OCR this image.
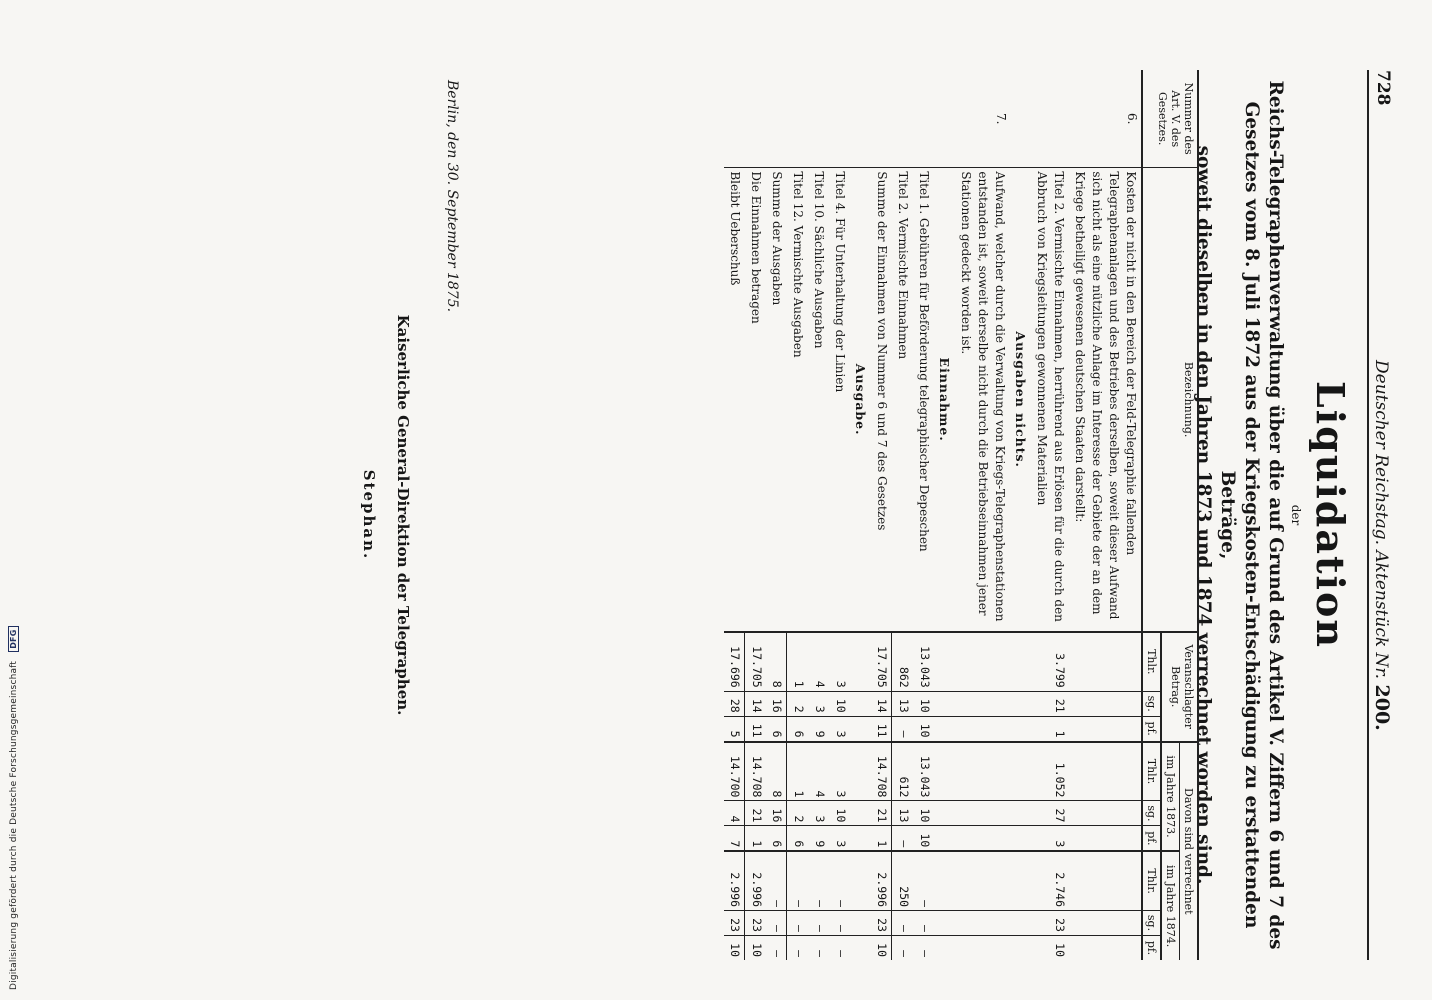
Digitalisierung gefördert durch die Deutsche Forschungsgemeinschaft DFG
728
Deutscher Reichstag. Aktenstück Nr. 200.
Liquidation
der
Reichs-Telegraphenverwaltung über die auf Grund des Artikel V. Ziffern 6 und 7 des
Gesetzes vom 8. Juli 1872 aus der Kriegskosten-Entschädigung zu erstattenden Beträge,
soweit dieselben in den Jahren 1873 und 1874 verrechnet worden sind.
Nummer des Art. V. des Gesetzes.	Bezeichnung.	Veranschlagter Betrag.			Davon sind verrechnet					
					im Jahre 1873.			im Jahre 1874.		
		Thlr.	sg.	pf.	Thlr.	sg.	pf.	Thlr.	sg.	pf.
6.	Kosten der nicht in den Bereich der Feld-Telegraphie fallenden Telegraphenanlagen und des Betriebes derselben, soweit dieser Aufwand sich nicht als eine nützliche Anlage im Interesse der Gebiete der an dem Kriege betheiligt gewesenen deutschen Staaten darstellt:									
	Titel 2. Vermischte Einnahmen, herrührend aus Erlösen für die durch den Abbruch von Kriegsleitungen gewonnenen Materialien	3.799	21	1	1.052	27	3	2.746	23	10
	Ausgaben nichts.									
7.	Aufwand, welcher durch die Verwaltung von Kriegs-Telegraphenstationen entstanden ist, soweit derselbe nicht durch die Betriebseinnahmen jener Stationen gedeckt worden ist.									
	Einnahme.									
	Titel 1. Gebühren für Beförderung telegraphischer Depeschen	13.043	10	10	13.043	10	10	—	—	—
	Titel 2. Vermischte Einnahmen	862	13	—	612	13	—	250	—	—
	Summe der Einnahmen von Nummer 6 und 7 des Gesetzes	17.705	14	11	14.708	21	1	2.996	23	10
	Ausgabe.									
	Titel 4. Für Unterhaltung der Linien	3	10	3	3	10	3	—	—	—
	Titel 10. Sächliche Ausgaben	4	3	9	4	3	9	—	—	—
	Titel 12. Vermischte Ausgaben	1	2	6	1	2	6	—	—	—
	Summe der Ausgaben	8	16	6	8	16	6	—	—	—
	Die Einnahmen betragen	17.705	14	11	14.708	21	1	2.996	23	10
	Bleibt Ueberschuß	17.696	28	5	14.700	4	7	2.996	23	10
Berlin, den 30. September 1875.
Kaiserliche General-Direktion der Telegraphen.
Stephan.
